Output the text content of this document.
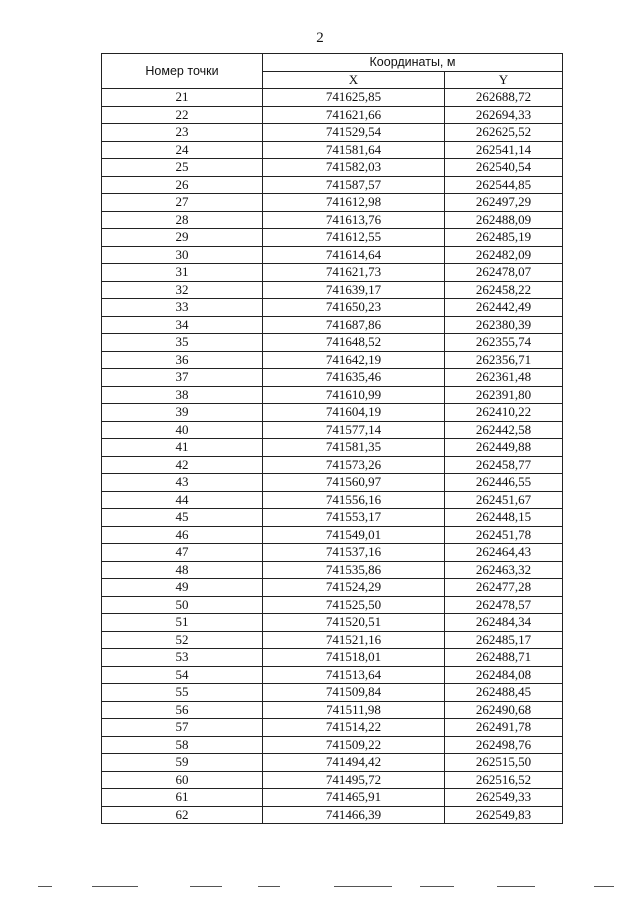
2
Номер точки	Координаты, м	
	X	Y
21	741625,85	262688,72
22	741621,66	262694,33
23	741529,54	262625,52
24	741581,64	262541,14
25	741582,03	262540,54
26	741587,57	262544,85
27	741612,98	262497,29
28	741613,76	262488,09
29	741612,55	262485,19
30	741614,64	262482,09
31	741621,73	262478,07
32	741639,17	262458,22
33	741650,23	262442,49
34	741687,86	262380,39
35	741648,52	262355,74
36	741642,19	262356,71
37	741635,46	262361,48
38	741610,99	262391,80
39	741604,19	262410,22
40	741577,14	262442,58
41	741581,35	262449,88
42	741573,26	262458,77
43	741560,97	262446,55
44	741556,16	262451,67
45	741553,17	262448,15
46	741549,01	262451,78
47	741537,16	262464,43
48	741535,86	262463,32
49	741524,29	262477,28
50	741525,50	262478,57
51	741520,51	262484,34
52	741521,16	262485,17
53	741518,01	262488,71
54	741513,64	262484,08
55	741509,84	262488,45
56	741511,98	262490,68
57	741514,22	262491,78
58	741509,22	262498,76
59	741494,42	262515,50
60	741495,72	262516,52
61	741465,91	262549,33
62	741466,39	262549,83
